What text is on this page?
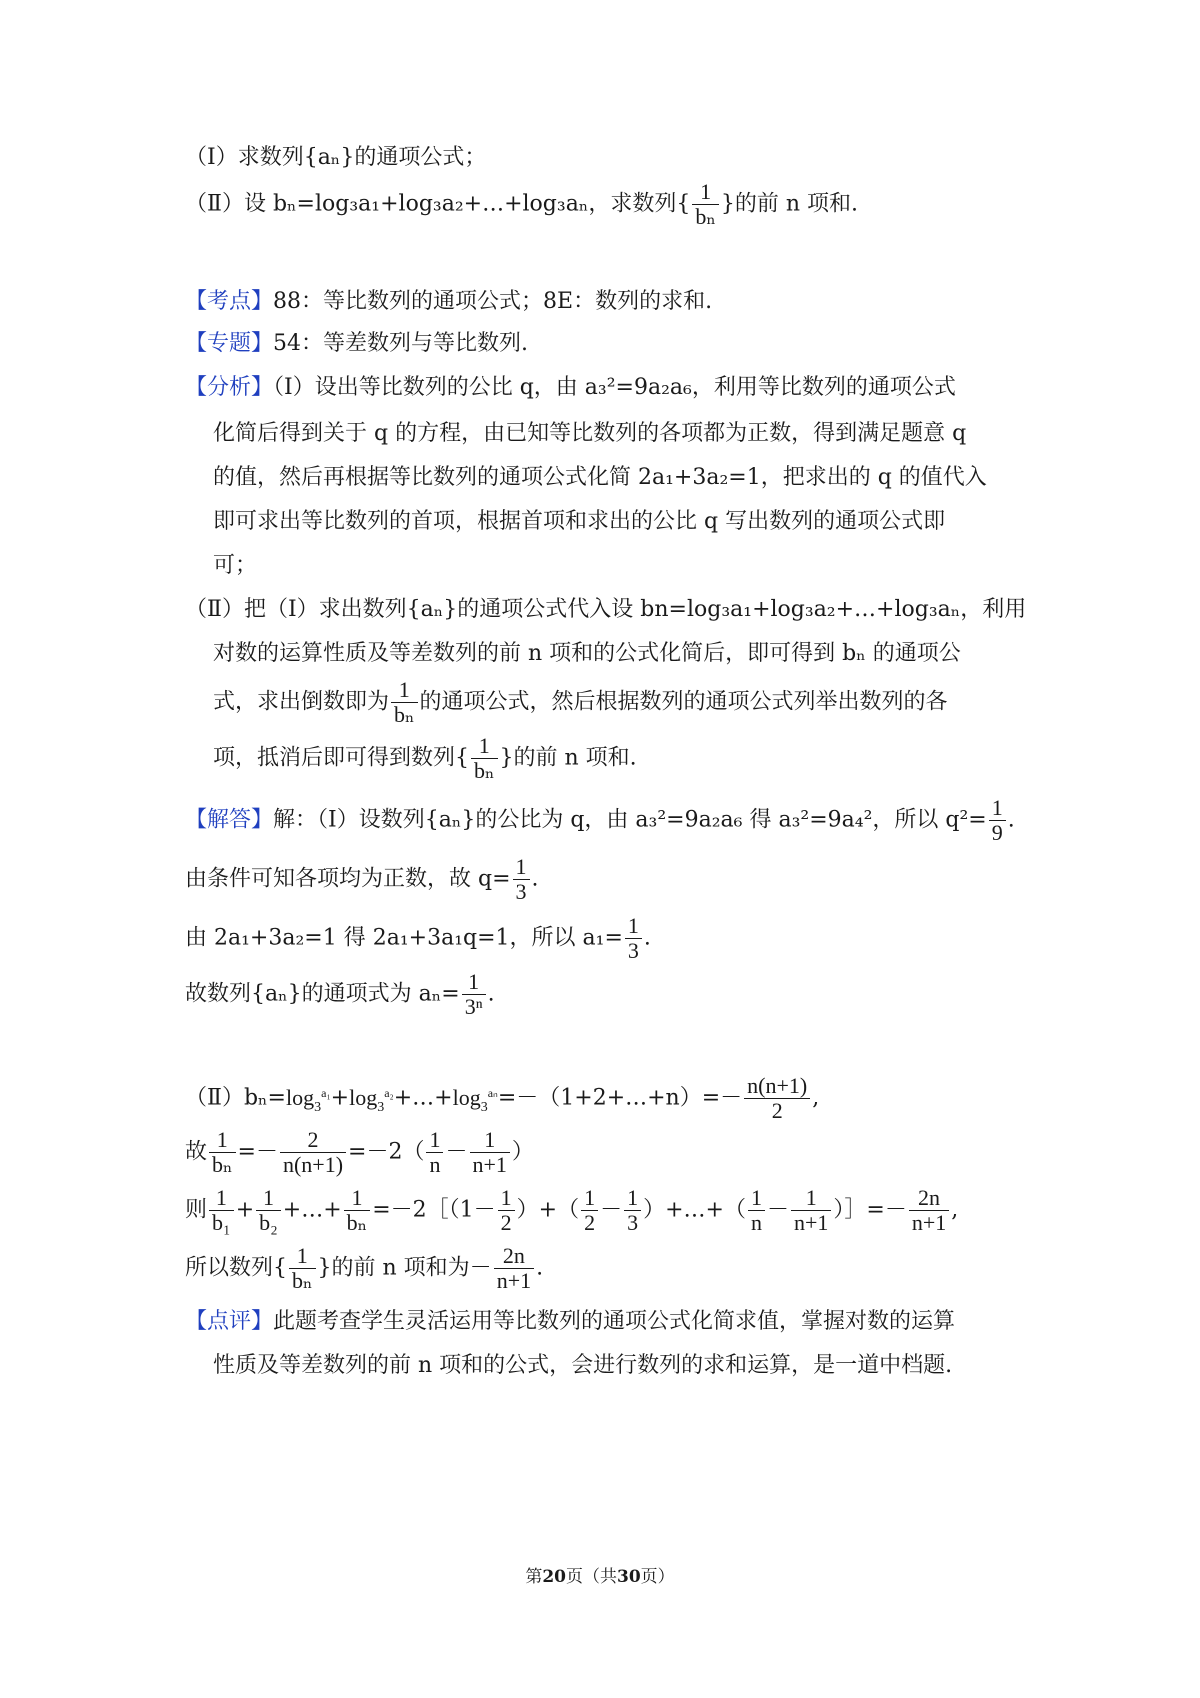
（Ⅰ）求数列{aₙ}的通项公式；
（Ⅱ）设 bₙ=log₃a₁+log₃a₂+…+log₃aₙ，求数列{ $\frac{1}{\text{bₙ}}$ }的前 n 项和.
【考点】88：等比数列的通项公式；8E：数列的求和.
【专题】54：等差数列与等比数列.
【分析】（Ⅰ）设出等比数列的公比 q，由 a₃²=9a₂a₆，利用等比数列的通项公式
化简后得到关于 q 的方程，由已知等比数列的各项都为正数，得到满足题意 q
的值，然后再根据等比数列的通项公式化简 2a₁+3a₂=1，把求出的 q 的值代入
即可求出等比数列的首项，根据首项和求出的公比 q 写出数列的通项公式即
可；
（Ⅱ）把（Ⅰ）求出数列{aₙ}的通项公式代入设 bn=log₃a₁+log₃a₂+…+log₃aₙ，利用
对数的运算性质及等差数列的前 n 项和的公式化简后，即可得到 bₙ 的通项公
式，求出倒数即为 $\frac{1}{\text{bₙ}}$ 的通项公式，然后根据数列的通项公式列举出数列的各
项，抵消后即可得到数列{ $\frac{1}{\text{bₙ}}$ }的前 n 项和.
【解答】解：（Ⅰ）设数列{aₙ}的公比为 q，由 a₃²=9a₂a₆ 得 a₃²=9a₄²，所以 $q^2= \frac{1}{9}$ .
由条件可知各项均为正数，故 $q= \frac{1}{3}$ .
由 2a₁+3a₂=1 得 2a₁+3a₁q=1，所以 $a_1= \frac{1}{3}$ .
故数列{aₙ}的通项式为 $a_n= \frac{1}{\text{3ⁿ}}$ .
$(Ⅱ)b_n=\log_3^{a_1}+\log_3^{a_2}+\dots+\log_3^{a_n}=-(1+2+\dots+n)=- \frac{n(n+1)}{2}$ ,
故 $\frac{1}{\text{bₙ}} =- \frac{2}{n(n+1)} =-2( \frac{1}{n} - \frac{1}{n+1}$ ）
则 $\frac{1}{\text{b₁}} + \frac{1}{\text{b₂}}$ +…+ $\frac{1}{\text{bₙ}}$ =－2［（1－ $\frac{1}{2}$ ）+（ $\frac{1}{2} - \frac{1}{3}$ ）+…+（ $\frac{1}{n} - \frac{1}{n+1}$ ）］=－ $\frac{2n}{n+1}$ ,
所以数列{ $\frac{1}{\text{bₙ}}$ }的前 n 项和为－ $\frac{2n}{n+1}$ .
【点评】此题考查学生灵活运用等比数列的通项公式化简求值，掌握对数的运算
性质及等差数列的前 n 项和的公式，会进行数列的求和运算，是一道中档题.
第20页（共30页）
